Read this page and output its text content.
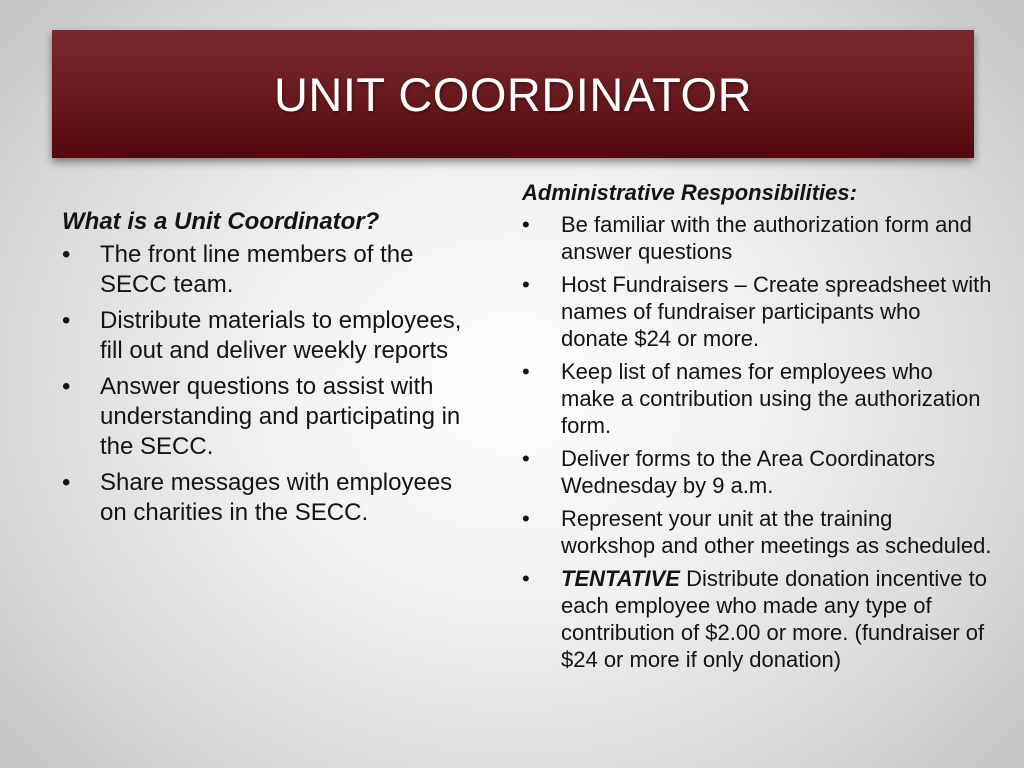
UNIT COORDINATOR
What is a Unit Coordinator?
• The front line members of the SECC team.
• Distribute materials to employees, fill out and deliver weekly reports
• Answer questions to assist with understanding and participating in the SECC.
• Share messages with employees on charities in the SECC.
Administrative Responsibilities:
• Be familiar with the authorization form and answer questions
• Host Fundraisers – Create spreadsheet with names of fundraiser participants who donate $24 or more.
• Keep list of names for employees who make a contribution using the authorization form.
• Deliver forms to the Area Coordinators Wednesday by 9 a.m.
• Represent your unit at the training workshop and other meetings as scheduled.
• TENTATIVE Distribute donation incentive to each employee who made any type of contribution of $2.00 or more. (fundraiser of $24 or more if only donation)
